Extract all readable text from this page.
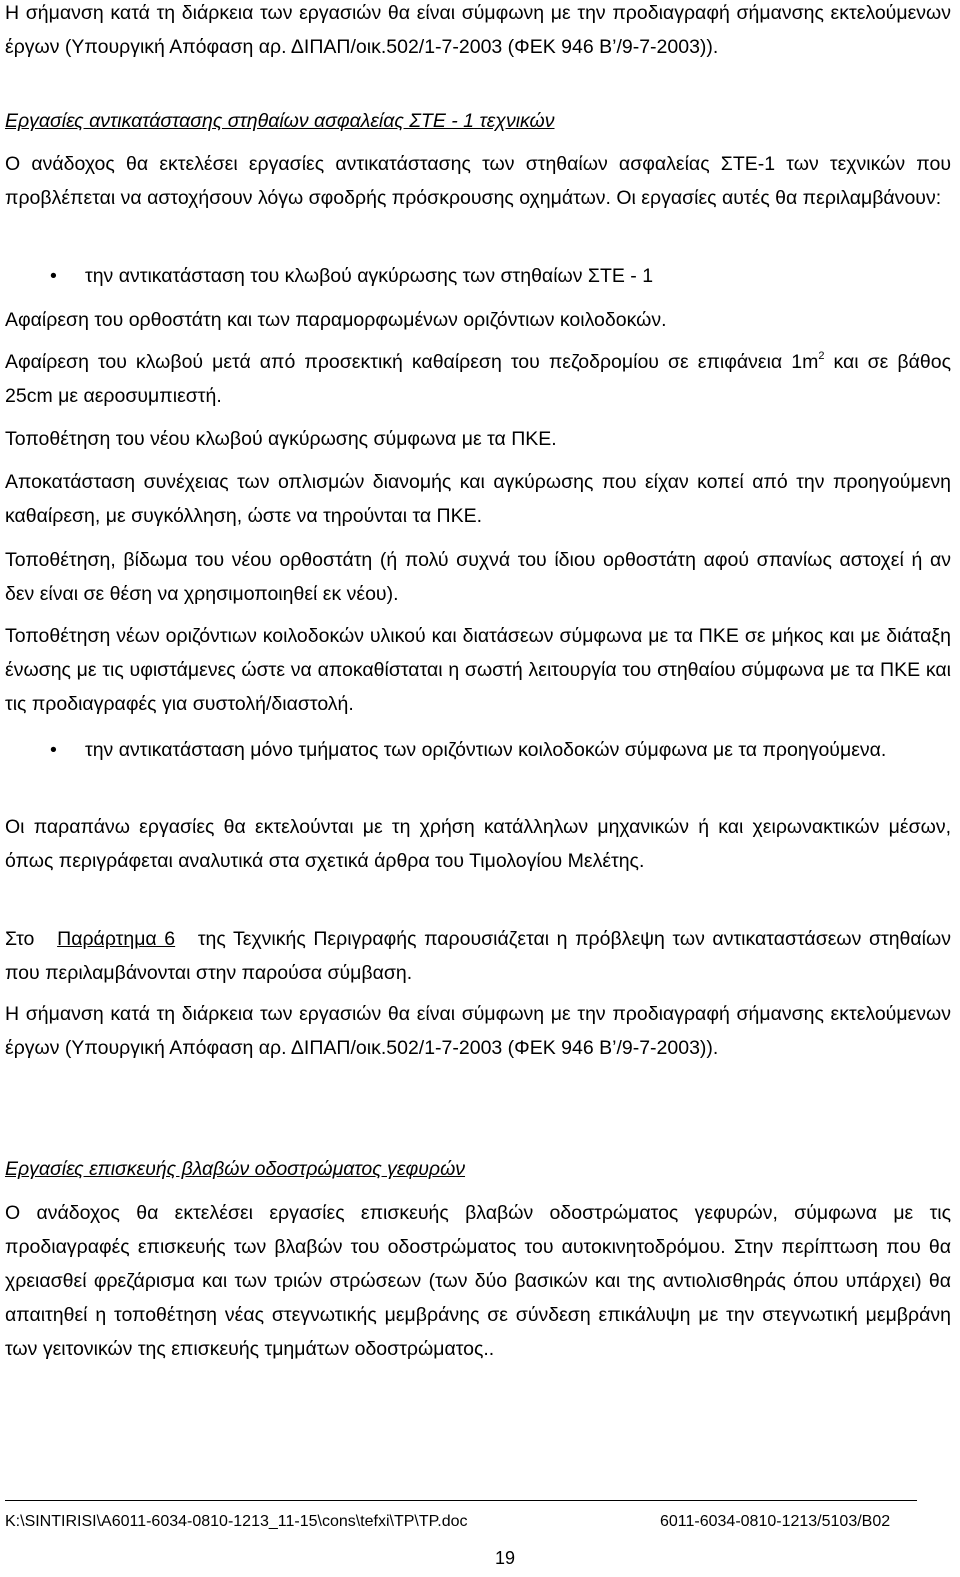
Η σήμανση κατά τη διάρκεια των εργασιών θα είναι σύμφωνη με την προδιαγραφή σήμανσης εκτελούμενων έργων (Υπουργική Απόφαση αρ. ΔΙΠΑΠ/οικ.502/1-7-2003 (ΦΕΚ 946 Β’/9-7-2003)).

Εργασίες αντικατάστασης στηθαίων ασφαλείας ΣΤΕ - 1 τεχνικών

Ο ανάδοχος θα εκτελέσει εργασίες αντικατάστασης των στηθαίων ασφαλείας ΣΤΕ-1 των τεχνικών που προβλέπεται να αστοχήσουν λόγω σφοδρής πρόσκρουσης οχημάτων. Οι εργασίες αυτές θα περιλαμβάνουν:

• την αντικατάσταση του κλωβού αγκύρωσης των στηθαίων ΣΤΕ - 1

Αφαίρεση του ορθοστάτη και των παραμορφωμένων οριζόντιων κοιλοδοκών.

Αφαίρεση του κλωβού μετά από προσεκτική καθαίρεση του πεζοδρομίου σε επιφάνεια $1m^2$ και σε βάθος 25cm με αεροσυμπιεστή.

Τοποθέτηση του νέου κλωβού αγκύρωσης σύμφωνα με τα ΠΚΕ.

Αποκατάσταση συνέχειας των οπλισμών διανομής και αγκύρωσης που είχαν κοπεί από την προηγούμενη καθαίρεση, με συγκόλληση, ώστε να τηρούνται τα ΠΚΕ.

Τοποθέτηση, βίδωμα του νέου ορθοστάτη (ή πολύ συχνά του ίδιου ορθοστάτη αφού σπανίως αστοχεί ή αν δεν είναι σε θέση να χρησιμοποιηθεί εκ νέου).

Τοποθέτηση νέων οριζόντιων κοιλοδοκών υλικού και διατάσεων σύμφωνα με τα ΠΚΕ σε μήκος και με διάταξη ένωσης με τις υφιστάμενες ώστε να αποκαθίσταται η σωστή λειτουργία του στηθαίου σύμφωνα με τα ΠΚΕ και τις προδιαγραφές για συστολή/διαστολή.

• την αντικατάσταση μόνο τμήματος των οριζόντιων κοιλοδοκών σύμφωνα με τα προηγούμενα.

Οι παραπάνω εργασίες θα εκτελούνται με τη χρήση κατάλληλων μηχανικών ή και χειρωνακτικών μέσων, όπως περιγράφεται αναλυτικά στα σχετικά άρθρα του Τιμολογίου Μελέτης.

Στο Παράρτημα 6 της Τεχνικής Περιγραφής παρουσιάζεται η πρόβλεψη των αντικαταστάσεων στηθαίων που περιλαμβάνονται στην παρούσα σύμβαση.

Η σήμανση κατά τη διάρκεια των εργασιών θα είναι σύμφωνη με την προδιαγραφή σήμανσης εκτελούμενων έργων (Υπουργική Απόφαση αρ. ΔΙΠΑΠ/οικ.502/1-7-2003 (ΦΕΚ 946 Β’/9-7-2003)).

Εργασίες επισκευής βλαβών οδοστρώματος γεφυρών

Ο ανάδοχος θα εκτελέσει εργασίες επισκευής βλαβών οδοστρώματος γεφυρών, σύμφωνα με τις προδιαγραφές επισκευής των βλαβών του οδοστρώματος του αυτοκινητοδρόμου. Στην περίπτωση που θα χρειασθεί φρεζάρισμα και των τριών στρώσεων (των δύο βασικών και της αντιολισθηράς όπου υπάρχει) θα απαιτηθεί η τοποθέτηση νέας στεγνωτικής μεμβράνης σε σύνδεση επικάλυψη με την στεγνωτική μεμβράνη των γειτονικών της επισκευής τμημάτων οδοστρώματος..

K:\SINTIRISI\A6011-6034-0810-1213_11-15\cons\tefxi\TP\TP.doc	6011-6034-0810-1213/5103/B02
19
